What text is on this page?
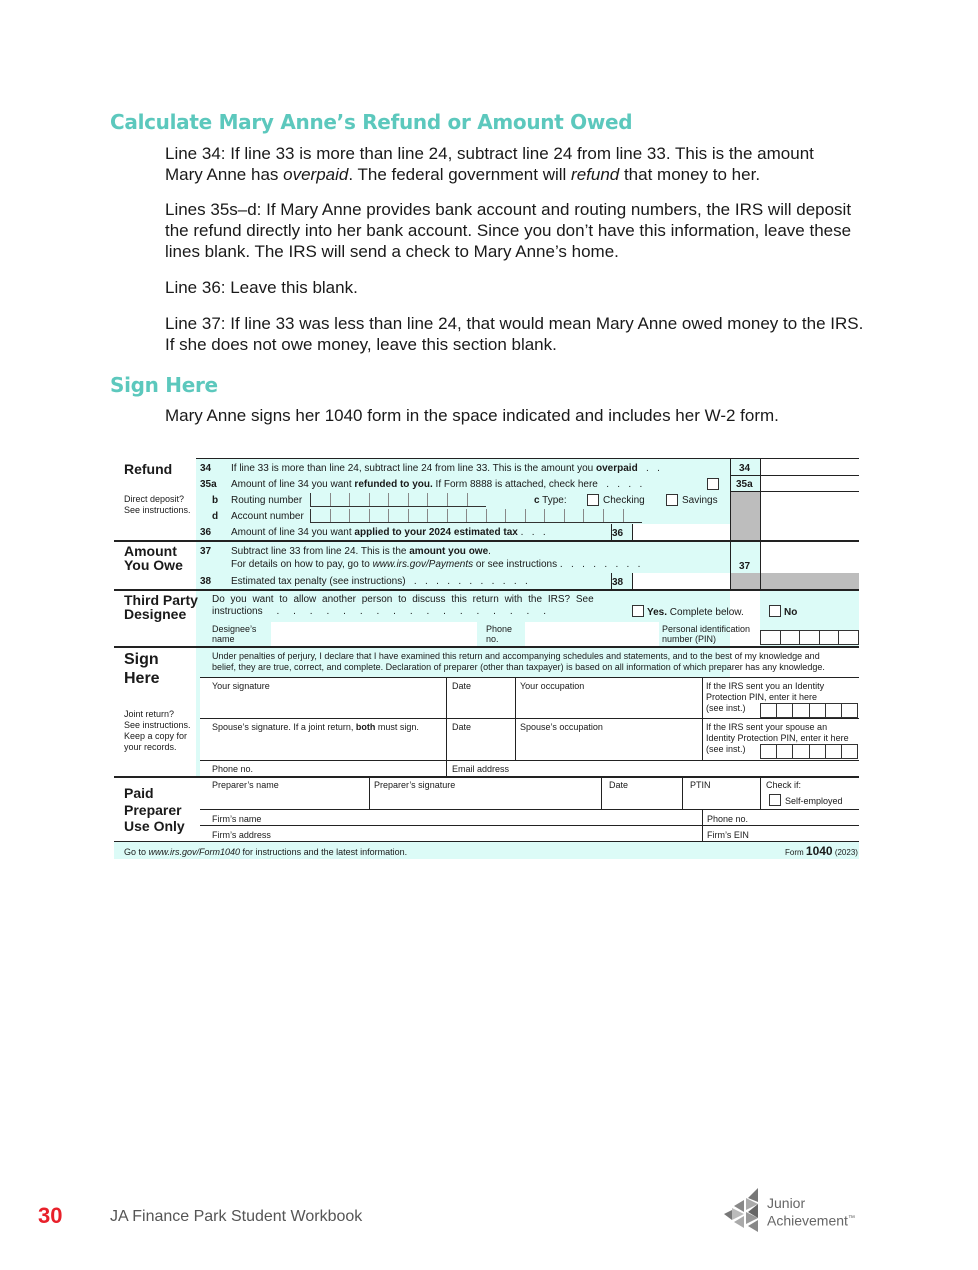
Calculate Mary Anne’s Refund or Amount Owed
Line 34: If line 33 is more than line 24, subtract line 24 from line 33. This is the amount
Mary Anne has overpaid. The federal government will refund that money to her.
Lines 35s–d: If Mary Anne provides bank account and routing numbers, the IRS will deposit the refund directly into her bank account. Since you don’t have this information, leave these lines blank. The IRS will send a check to Mary Anne’s home.
Line 36: Leave this blank.
Line 37: If line 33 was less than line 24, that would mean Mary Anne owed money to the IRS. If she does not owe money, leave this section blank.
Sign Here
Mary Anne signs her 1040 form in the space indicated and includes her W-2 form.
Refund
Direct deposit?
See instructions.
34 If line 33 is more than line 24, subtract line 24 from line 33. This is the amount you overpaid   .   .	34
35a Amount of line 34 you want refunded to you. If Form 8888 is attached, check here   .   .   .   .	35a
b Routing number	c Type:	Checking	Savings
d Account number
36 Amount of line 34 you want applied to your 2024 estimated tax .   .   .	36
Amount
You Owe
37 Subtract line 33 from line 24. This is the amount you owe.
For details on how to pay, go to www.irs.gov/Payments or see instructions .   .   .   .   .   .   .   .	37
38 Estimated tax penalty (see instructions)   .   .   .   .   .   .   .   .   .   .   .	38
Third Party
Designee
Do you want to allow another person to discuss this return with the IRS? See
instructions     .     .     .     .     .     .     .     .     .     .     .     .     .     .     .     .     .	Yes. Complete below.	No
Designee’s
name
Phone
no.
Personal identification
number (PIN)
Sign
Here
Under penalties of perjury, I declare that I have examined this return and accompanying schedules and statements, and to the best of my knowledge and
belief, they are true, correct, and complete. Declaration of preparer (other than taxpayer) is based on all information of which preparer has any knowledge.
Joint return?
See instructions.
Keep a copy for
your records.
Your signature	Date	Your occupation	If the IRS sent you an Identity
Protection PIN, enter it here
(see inst.)
Spouse’s signature. If a joint return, both must sign.	Date	Spouse’s occupation	If the IRS sent your spouse an
Identity Protection PIN, enter it here
(see inst.)
Phone no.	Email address
Paid
Preparer
Use Only
Preparer’s name	Preparer’s signature	Date	PTIN	Check if:
Self-employed
Firm’s name	Phone no.
Firm’s address	Firm’s EIN
Go to www.irs.gov/Form1040 for instructions and the latest information.	Form 1040 (2023)
30	JA Finance Park Student Workbook
Junior
Achievement™
